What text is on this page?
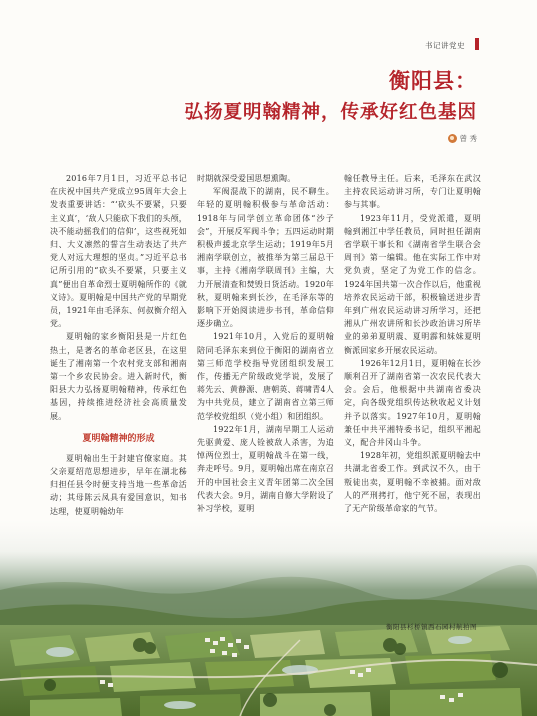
书记讲党史
衡阳县：
弘扬夏明翰精神，传承好红色基因
曾 秀

2016年7月1日，习近平总书记在庆祝中国共产党成立95周年大会上发表重要讲话：“‘砍头不要紧，只要主义真’，‘敌人只能砍下我们的头颅，决不能动摇我们的信仰’，这些视死如归、大义凛然的誓言生动表达了共产党人对远大理想的坚贞。”习近平总书记所引用的“砍头不要紧，只要主义真”便出自革命烈士夏明翰所作的《就义诗》。夏明翰是中国共产党的早期党员，1921年由毛泽东、何叔衡介绍入党。

夏明翰的家乡衡阳县是一片红色热土，是著名的革命老区县，在这里诞生了湘南第一个农村党支部和湘南第一个乡农民协会。进入新时代，衡阳县大力弘扬夏明翰精神，传承红色基因，持续推进经济社会高质量发展。

夏明翰精神的形成

夏明翰出生于封建官僚家庭。其父亲夏绍范思想进步，早年在湖北秭归担任县令时便支持当地一些革命活动；其母陈云凤具有爱国意识，知书达理，使夏明翰幼年

时期就深受爱国思想熏陶。

军阀混战下的湖南，民不聊生。年轻的夏明翰积极参与革命活动：1918年与同学创立革命团体“沙子会”，开展反军阀斗争；五四运动时期积极声援北京学生运动；1919年5月湘南学联创立，被推举为第三届总干事，主持《湘南学联周刊》主编，大力开展清查和焚毁日货活动。1920年秋，夏明翰来到长沙，在毛泽东等的影响下开始阅读进步书刊，革命信仰逐步确立。

1921年10月，入党后的夏明翰陪同毛泽东来到位于衡阳的湖南省立第三师范学校指导党团组织发展工作，传播无产阶级政党学说，发展了蒋先云、黄静源、唐朝英、蒋啸青4人为中共党员，建立了湖南省立第三师范学校党组织（党小组）和团组织。

1922年1月，湖南早期工人运动先驱黄爱、庞人铨被敌人杀害，为追悼两位烈士，夏明翰战斗在第一线，奔走呼号。9月，夏明翰出席在南京召开的中国社会主义青年团第二次全国代表大会。9月，湖南自修大学附设了补习学校，夏明

翰任教导主任。后来，毛泽东在武汉主持农民运动讲习所，专门让夏明翰参与其事。

1923年11月，受党派遣，夏明翰到湘江中学任教员，同时担任湖南省学联干事长和《湖南省学生联合会周刊》第一编辑。他在实际工作中对党负责，坚定了为党工作的信念。1924年国共第一次合作以后，他重视培养农民运动干部，积极输送进步青年到广州农民运动讲习所学习，还把湘从广州农讲所和长沙政治讲习所毕业的弟弟夏明震、夏明霹和妹妹夏明衡派回家乡开展农民运动。

1926年12月1日，夏明翰在长沙顺利召开了湖南省第一次农民代表大会。会后，他根据中共湖南省委决定，向各级党组织传达秋收起义计划并予以落实。1927年10月，夏明翰兼任中共平湘特委书记，组织平湘起义，配合井冈山斗争。

1928年初，党组织派夏明翰去中共湖北省委工作。到武汉不久，由于叛徒出卖，夏明翰不幸被捕。面对敌人的严刑拷打，他宁死不屈，表现出了无产阶级革命家的气节。

衡阳县杉桥镇西石园村航拍图
